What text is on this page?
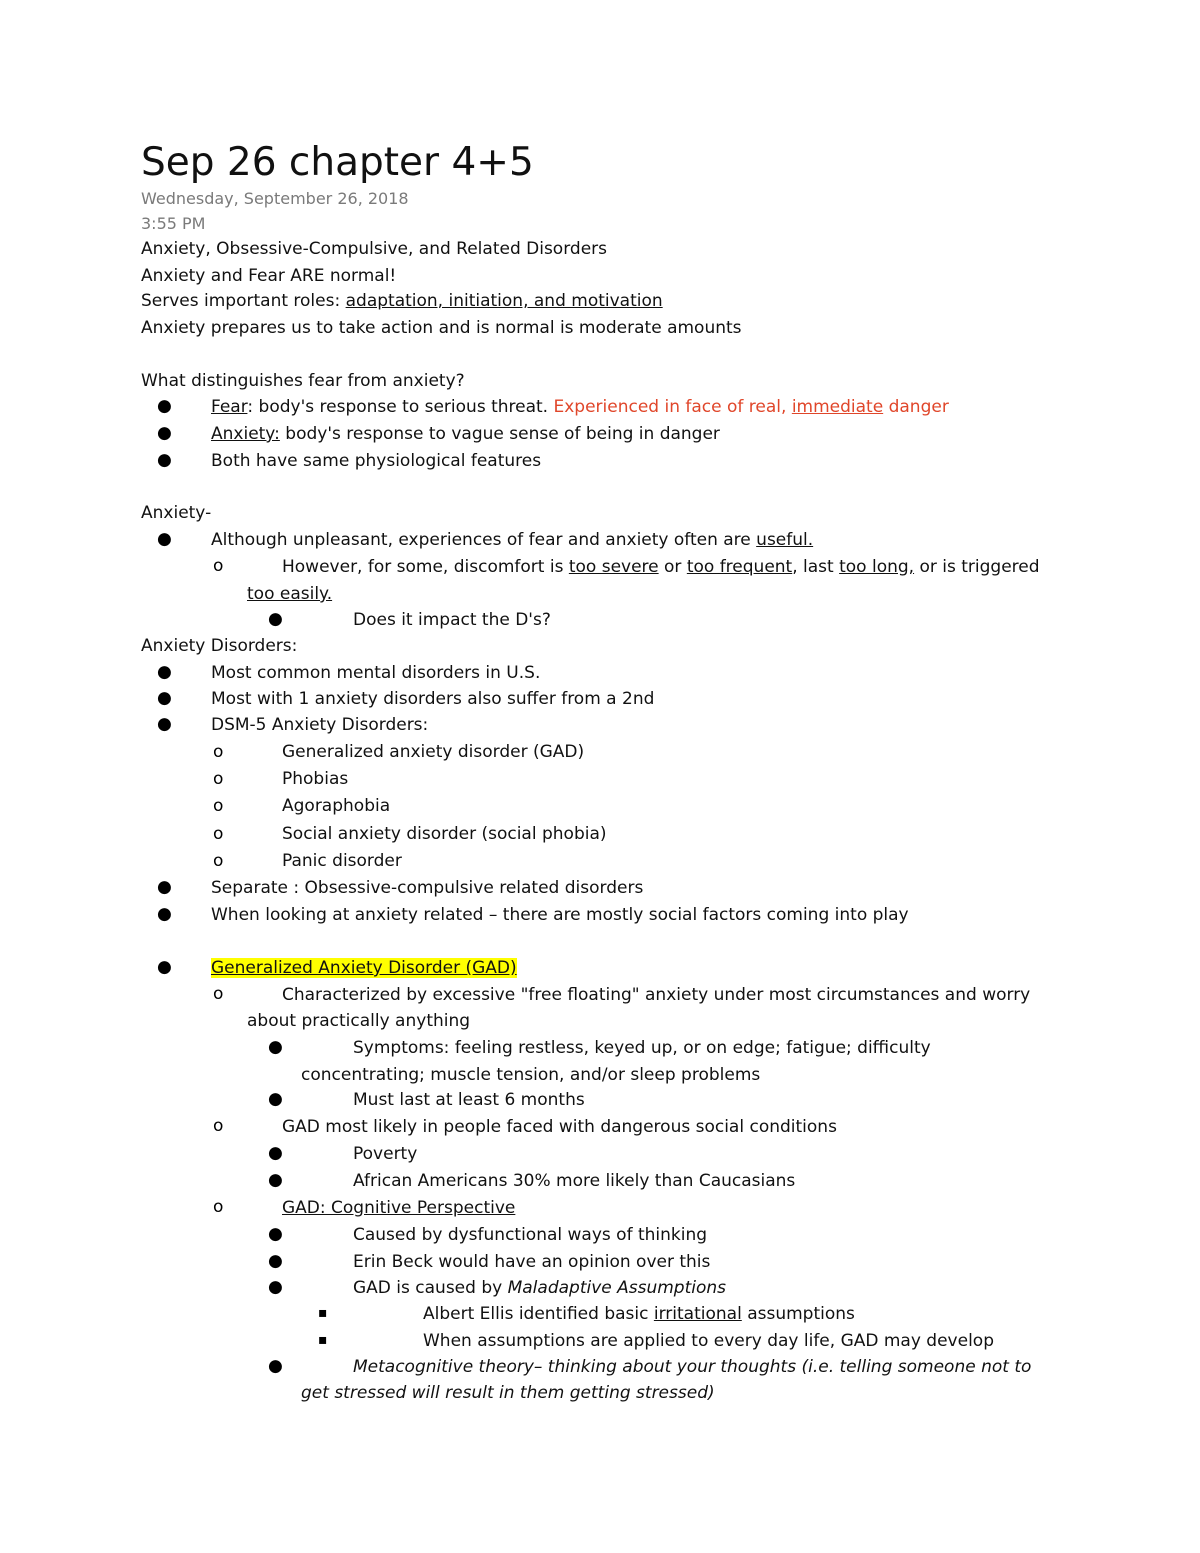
Sep 26 chapter 4+5
Wednesday, September 26, 2018
3:55 PM
Anxiety, Obsessive-Compulsive, and Related Disorders
Anxiety and Fear ARE normal!
Serves important roles: adaptation, initiation, and motivation
Anxiety prepares us to take action and is normal is moderate amounts
What distinguishes fear from anxiety?
● Fear: body's response to serious threat. Experienced in face of real, immediate danger
● Anxiety: body's response to vague sense of being in danger
● Both have same physiological features
Anxiety-
● Although unpleasant, experiences of fear and anxiety often are useful.
o	However, for some, discomfort is too severe or too frequent, last too long, or is triggered
too easily.
●	Does it impact the D's?
Anxiety Disorders:
● Most common mental disorders in U.S.
● Most with 1 anxiety disorders also suffer from a 2nd
● DSM-5 Anxiety Disorders:
o	Generalized anxiety disorder (GAD)
o	Phobias
o	Agoraphobia
o	Social anxiety disorder (social phobia)
o	Panic disorder
● Separate : Obsessive-compulsive related disorders
● When looking at anxiety related – there are mostly social factors coming into play
● Generalized Anxiety Disorder (GAD)
o	Characterized by excessive "free floating" anxiety under most circumstances and worry
about practically anything
●	Symptoms: feeling restless, keyed up, or on edge; fatigue; difficulty
concentrating; muscle tension, and/or sleep problems
●	Must last at least 6 months
o	GAD most likely in people faced with dangerous social conditions
●	Poverty
●	African Americans 30% more likely than Caucasians
o	GAD: Cognitive Perspective
●	Caused by dysfunctional ways of thinking
●	Erin Beck would have an opinion over this
●	GAD is caused by Maladaptive Assumptions
▪	Albert Ellis identified basic irritational assumptions
▪	When assumptions are applied to every day life, GAD may develop
●	Metacognitive theory– thinking about your thoughts (i.e. telling someone not to
get stressed will result in them getting stressed)
